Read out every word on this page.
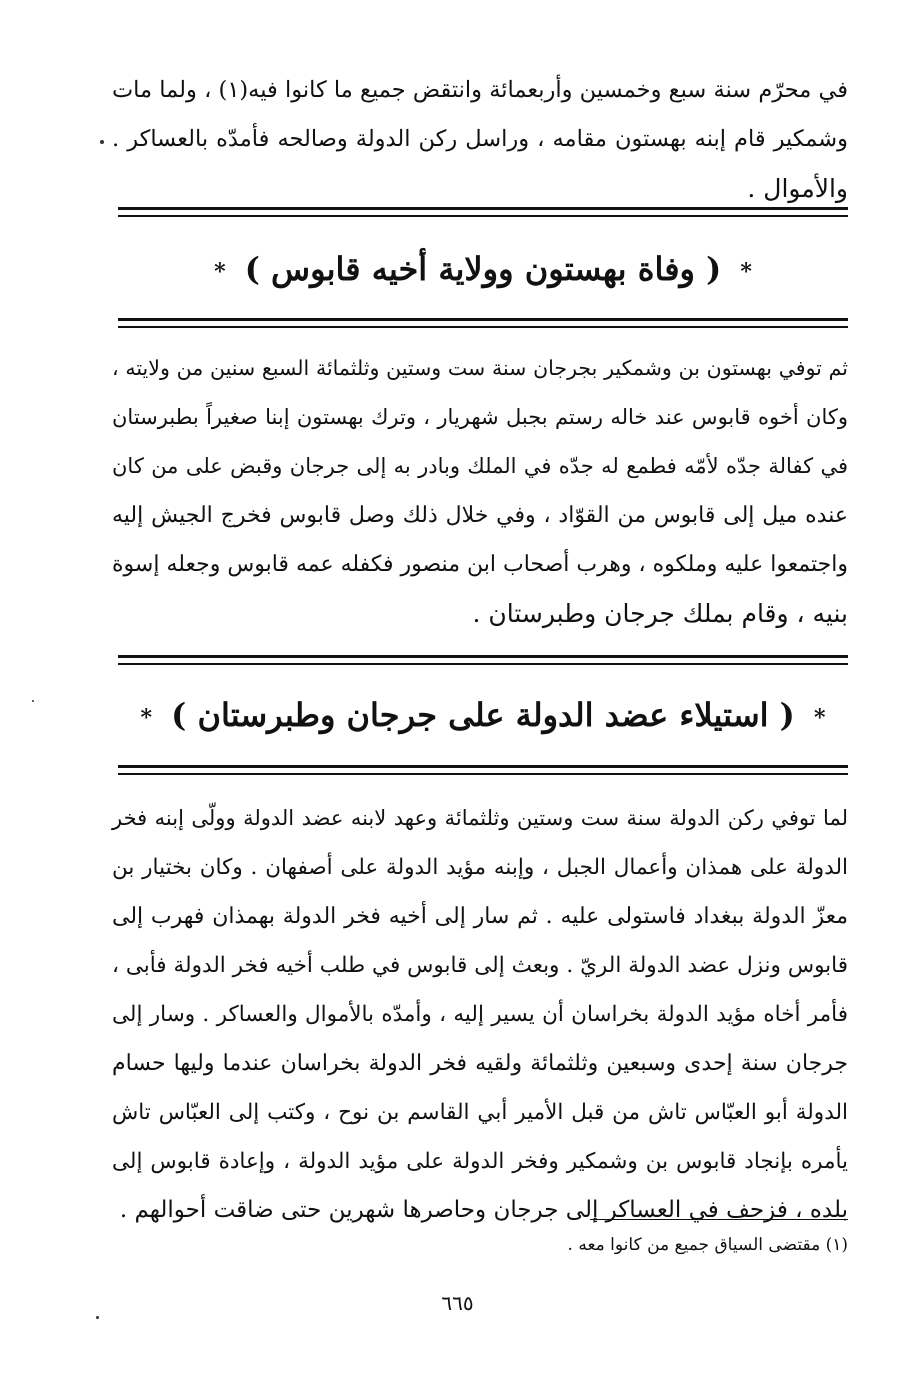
في محرّم سنة سبع وخمسين وأربعمائة وانتقض جميع ما كانوا فيه(١) ، ولما مات
وشمكير قام إبنه بهستون مقامه ، وراسل ركن الدولة وصالحه فأمدّه بالعساكر .
والأموال .
* ( وفاة بهستون وولاية أخيه قابوس ) *
ثم توفي بهستون بن وشمكير بجرجان سنة ست وستين وثلثمائة السبع سنين من ولايته ،
وكان أخوه قابوس عند خاله رستم بجبل شهريار ، وترك بهستون إبنا صغيراً بطبرستان
في كفالة جدّه لأمّه فطمع له جدّه في الملك وبادر به إلى جرجان وقبض على من كان
عنده ميل إلى قابوس من القوّاد ، وفي خلال ذلك وصل قابوس فخرج الجيش إليه
واجتمعوا عليه وملكوه ، وهرب أصحاب ابن منصور فكفله عمه قابوس وجعله إسوة
بنيه ، وقام بملك جرجان وطبرستان .
* ( استيلاء عضد الدولة على جرجان وطبرستان ) *
لما توفي ركن الدولة سنة ست وستين وثلثمائة وعهد لابنه عضد الدولة وولّى إبنه فخر
الدولة على همذان وأعمال الجبل ، وإبنه مؤيد الدولة على أصفهان . وكان بختيار بن
معزّ الدولة ببغداد فاستولى عليه . ثم سار إلى أخيه فخر الدولة بهمذان فهرب إلى
قابوس ونزل عضد الدولة الريّ . وبعث إلى قابوس في طلب أخيه فخر الدولة فأبى ،
فأمر أخاه مؤيد الدولة بخراسان أن يسير إليه ، وأمدّه بالأموال والعساكر . وسار إلى
جرجان سنة إحدى وسبعين وثلثمائة ولقيه فخر الدولة بخراسان عندما وليها حسام
الدولة أبو العبّاس تاش من قبل الأمير أبي القاسم بن نوح ، وكتب إلى العبّاس تاش
يأمره بإنجاد قابوس بن وشمكير وفخر الدولة على مؤيد الدولة ، وإعادة قابوس إلى
بلده ، فزحف في العساكر إلى جرجان وحاصرها شهرين حتى ضاقت أحوالهم .
(١) مقتضى السياق جميع من كانوا معه .
٦٦٥
